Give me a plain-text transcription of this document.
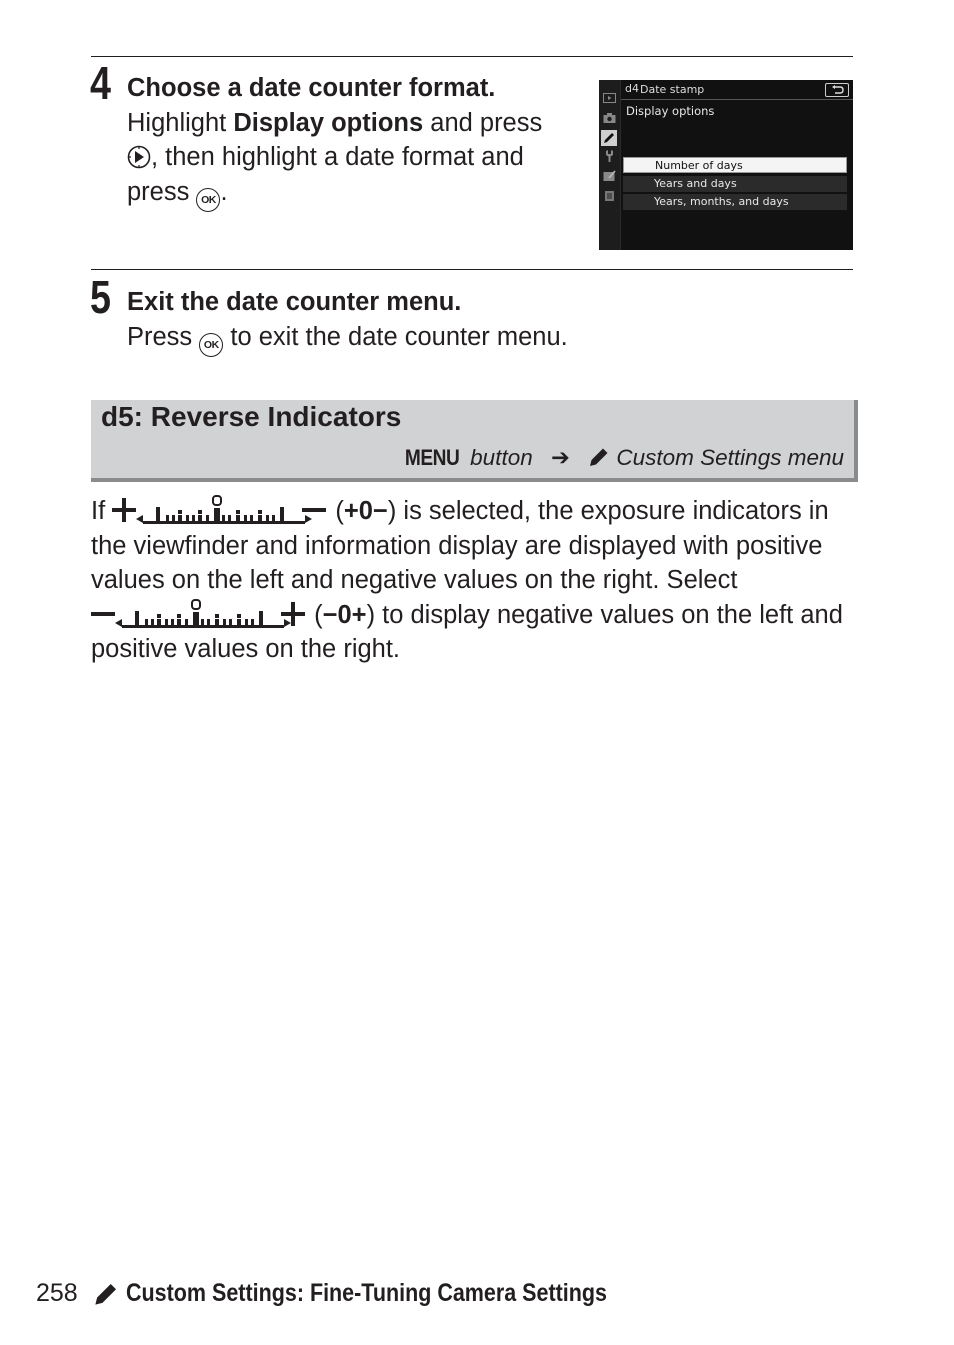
4 Choose a date counter format.
Highlight Display options and press
, then highlight a date format and
press OK .
d4 Date stamp
Display options
Number of days
Years and days
Years, months, and days
5 Exit the date counter menu.
Press OK to exit the date counter menu.
d5: Reverse Indicators
MENU button ➔ Custom Settings menu
If	(+0−) is selected, the exposure indicators in the viewfinder and information display are displayed with positive values on the left and negative values on the right. Select  (−0+) to display negative values on the left and positive values on the right.
258 Custom Settings: Fine-Tuning Camera Settings
